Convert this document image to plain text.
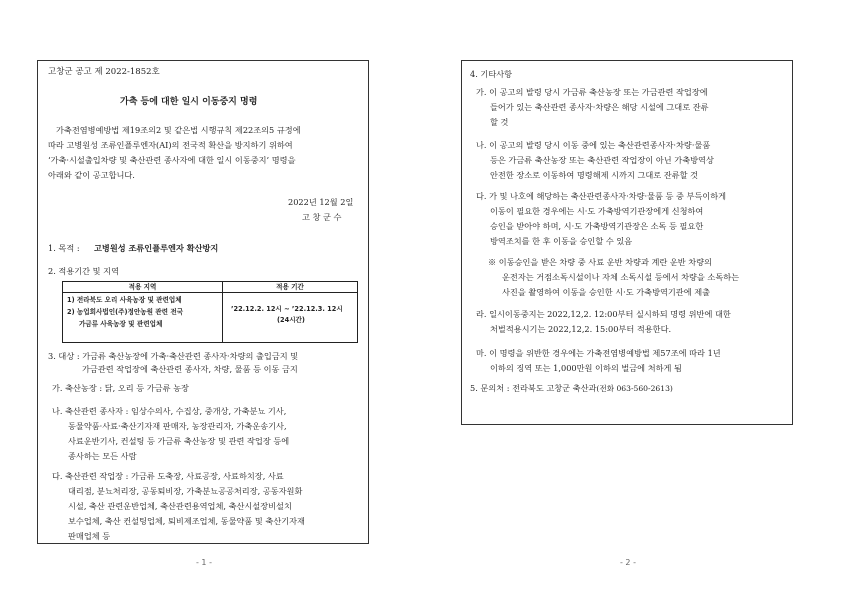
고창군 공고 제 2022-1852호
가축 등에 대한 일시 이동중지 명령
가축전염병예방법 제19조의2 및 같은법 시행규칙 제22조의5 규정에
따라 고병원성 조류인플루엔자(AI)의 전국적 확산을 방지하기 위하여
‘가축·시설출입차량 및 축산관련 종사자에 대한 일시 이동중지’ 명령을
아래와 같이 공고합니다.
2022년 12월 2일
고 창 군 수
1. 목적 : 고병원성 조류인플루엔자 확산방지
2. 적용기간 및 지역
적용 지역	적용 기간
1) 전라북도 오리 사육농장 및 관련업체
2) 농업회사법인(주)정안농원 관련 전국
가금류 사육농장 및 관련업체
’22.12.2. 12시 ~ ’22.12.3. 12시
(24시간)
3. 대상 : 가금류 축산농장에 가축·축산관련 종사자·차량의 출입금지 및
가금관련 작업장에 축산관련 종사자, 차량, 물품 등 이동 금지
가. 축산농장 : 닭, 오리 등 가금류 농장
나. 축산관련 종사자 : 임상수의사, 수집상, 중개상, 가축분뇨 기사,
동물약품·사료·축산기자재 판매자, 농장관리자, 가축운송기사,
사료운반기사, 컨설팅 등 가금류 축산농장 및 관련 작업장 등에
종사하는 모든 사람
다. 축산관련 작업장 : 가금류 도축장, 사료공장, 사료하치장, 사료
대리점, 분뇨처리장, 공동퇴비장, 가축분뇨공공처리장, 공동자원화
시설, 축산 관련운반업체, 축산관련용역업체, 축산시설장비설치
보수업체, 축산 컨설팅업체, 퇴비제조업체, 동물약품 및 축산기자재
판매업체 등
- 1 -
4. 기타사항
가. 이 공고의 발령 당시 가금류 축산농장 또는 가금관련 작업장에
들어가 있는 축산관련 종사자·차량은 해당 시설에 그대로 잔류
할 것
나. 이 공고의 발령 당시 이동 중에 있는 축산관련종사자·차량·물품
등은 가금류 축산농장 또는 축산관련 작업장이 아닌 가축방역상
안전한 장소로 이동하여 명령해제 시까지 그대로 잔류할 것
다. 가 및 나호에 해당하는 축산관련종사자·차량·물품 등 중 부득이하게
이동이 필요한 경우에는 시·도 가축방역기관장에게 신청하여
승인을 받아야 하며, 시·도 가축방역기관장은 소독 등 필요한
방역조치를 한 후 이동을 승인할 수 있음
※ 이동승인을 받은 차량 중 사료 운반 차량과 계란 운반 차량의
운전자는 거점소독시설이나 자체 소독시설 등에서 차량을 소독하는
사진을 촬영하여 이동을 승인한 시·도 가축방역기관에 제출
라. 일시이동중지는 2022,12,2. 12:00부터 실시하되 명령 위반에 대한
처벌적용시기는 2022,12,2. 15:00부터 적용한다.
마. 이 명령을 위반한 경우에는 가축전염병예방법 제57조에 따라 1년
이하의 징역 또는 1,000만원 이하의 벌금에 처하게 됨
5. 문의처 : 전라북도 고창군 축산과(전화 063-560-2613)
- 2 -
